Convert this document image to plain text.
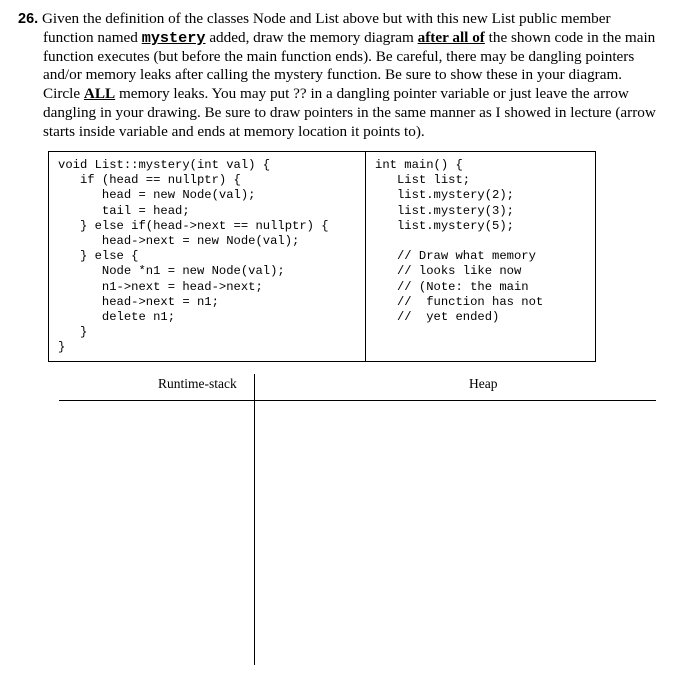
26. Given the definition of the classes Node and List above but with this new List public member
function named mystery added, draw the memory diagram after all of the shown code in the main
function executes (but before the main function ends). Be careful, there may be dangling pointers
and/or memory leaks after calling the mystery function. Be sure to show these in your diagram.
Circle ALL memory leaks. You may put ?? in a dangling pointer variable or just leave the arrow
dangling in your drawing. Be sure to draw pointers in the same manner as I showed in lecture (arrow
starts inside variable and ends at memory location it points to).
void List::mystery(int val) {
if (head == nullptr) {
head = new Node(val);
tail = head;
} else if(head->next == nullptr) {
head->next = new Node(val);
} else {
Node *n1 = new Node(val);
n1->next = head->next;
head->next = n1;
delete n1;
}
}
int main() {
List list;
list.mystery(2);
list.mystery(3);
list.mystery(5);
// Draw what memory
// looks like now
// (Note: the main
//  function has not
//  yet ended)
Runtime-stack	Heap
